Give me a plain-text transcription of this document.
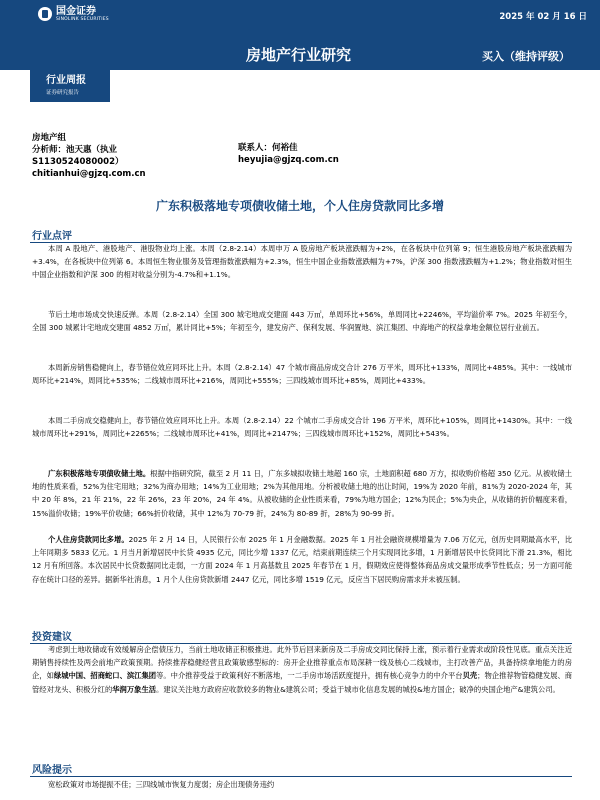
国金证券
SINOLINK SECURITIES	2025 年 02 月 16 日
房地产行业研究	买入（维持评级）
行业周报
证券研究报告
房地产组
分析师：池天惠（执业
S1130524080002）
chitianhui@gjzq.com.cn
联系人：何裕佳
heyujia@gjzq.com.cn
广东积极落地专项债收储土地，个人住房贷款同比多增
行业点评
本周 A 股地产、港股地产、港股物业均上涨。本周（2.8-2.14）本周申万 A 股房地产板块涨跌幅为+2%，在各板块中位列第 9；恒生港股房地产板块涨跌幅为+3.4%，在各板块中位列第 6。本周恒生物业服务及管理指数涨跌幅为+2.3%，恒生中国企业指数涨跌幅为+7%，沪深 300 指数涨跌幅为+1.2%；物业指数对恒生中国企业指数和沪深 300 的相对收益分别为-4.7%和+1.1%。
节后土地市场成交快速反弹。本周（2.8-2.14）全国 300 城宅地成交建面 443 万㎡，单周环比+56%，单周同比+2246%，平均溢价率 7%。2025 年初至今，全国 300 城累计宅地成交建面 4852 万㎡，累计同比+5%；年初至今，建发房产、保利发展、华润置地、滨江集团、中海地产的权益拿地金额位居行业前五。
本周新房销售稳健向上，春节错位效应同环比上升。本周（2.8-2.14）47 个城市商品房成交合计 276 万平米，周环比+133%，周同比+485%。其中：一线城市周环比+214%，周同比+535%；二线城市周环比+216%，周同比+555%；三四线城市周环比+85%，周同比+433%。
本周二手房成交稳健向上，春节错位效应同环比上升。本周（2.8-2.14）22 个城市二手房成交合计 196 万平米，周环比+105%，周同比+1430%。其中：一线城市周环比+291%，周同比+2265%；二线城市周环比+41%，周同比+2147%；三四线城市周环比+152%，周同比+543%。
广东积极落地专项债收储土地。根据中指研究院，截至 2 月 11 日，广东多城拟收储土地超 160 宗，土地面积超 680 万方，拟收购价格超 350 亿元。从被收储土地的性质来看，52%为住宅用地；32%为商办用地；14%为工业用地；2%为其他用地。分析被收储土地的出让时间，19%为 2020 年前，81%为 2020-2024 年，其中 20 年 8%，21 年 21%，22 年 26%，23 年 20%，24 年 4%。从被收储的企业性质来看，79%为地方国企；12%为民企；5%为央企，从收储的折价幅度来看，15%溢价收储；19%平价收储；66%折价收储，其中 12%为 70-79 折，24%为 80-89 折，28%为 90-99 折。
个人住房贷款同比多增。2025 年 2 月 14 日，人民银行公布 2025 年 1 月金融数据。2025 年 1 月社会融资规模增量为 7.06 万亿元，创历史同期最高水平，比上年同期多 5833 亿元。1 月当月新增居民中长贷 4935 亿元，同比少增 1337 亿元，结束前期连续三个月实现同比多增，1 月新增居民中长贷同比下滑 21.3%，相比 12 月有所回落。本次居民中长贷数据同比走弱，一方面 2024 年 1 月高基数且 2025 年春节在 1 月，假期效应使得整体商品房成交量形成季节性低点；另一方面可能存在统计口径的差异。据新华社消息，1 月个人住房贷款新增 2447 亿元，同比多增 1519 亿元，反应当下居民购房需求并未被压制。
投资建议
考虑到土地收储或有效缓解房企偿债压力，当前土地收储正积极推进。此外节后回来新房及二手房成交同比保持上涨，预示着行业需求或阶段性见底。重点关注近期销售持续性及两会前地产政策预期。持续推荐稳健经营且政策敏感型标的：房开企业推荐重点布局深耕一线及核心二线城市，主打改善产品，具备持续拿地能力的房企，如绿城中国、招商蛇口、滨江集团等。中介推荐受益于政策利好不断落地，一二手房市场活跃度提升，拥有核心竞争力的中介平台贝壳；物企推荐物管稳健发展、商管经对龙头、积极分红的华润万象生活。建议关注地方政府应收款较多的物业&建筑公司；受益于城市化信息发展的城投&地方国企；破净的央国企地产&建筑公司。
风险提示
宽松政策对市场提振不佳；三四线城市恢复力度弱；房企出现债务违约
